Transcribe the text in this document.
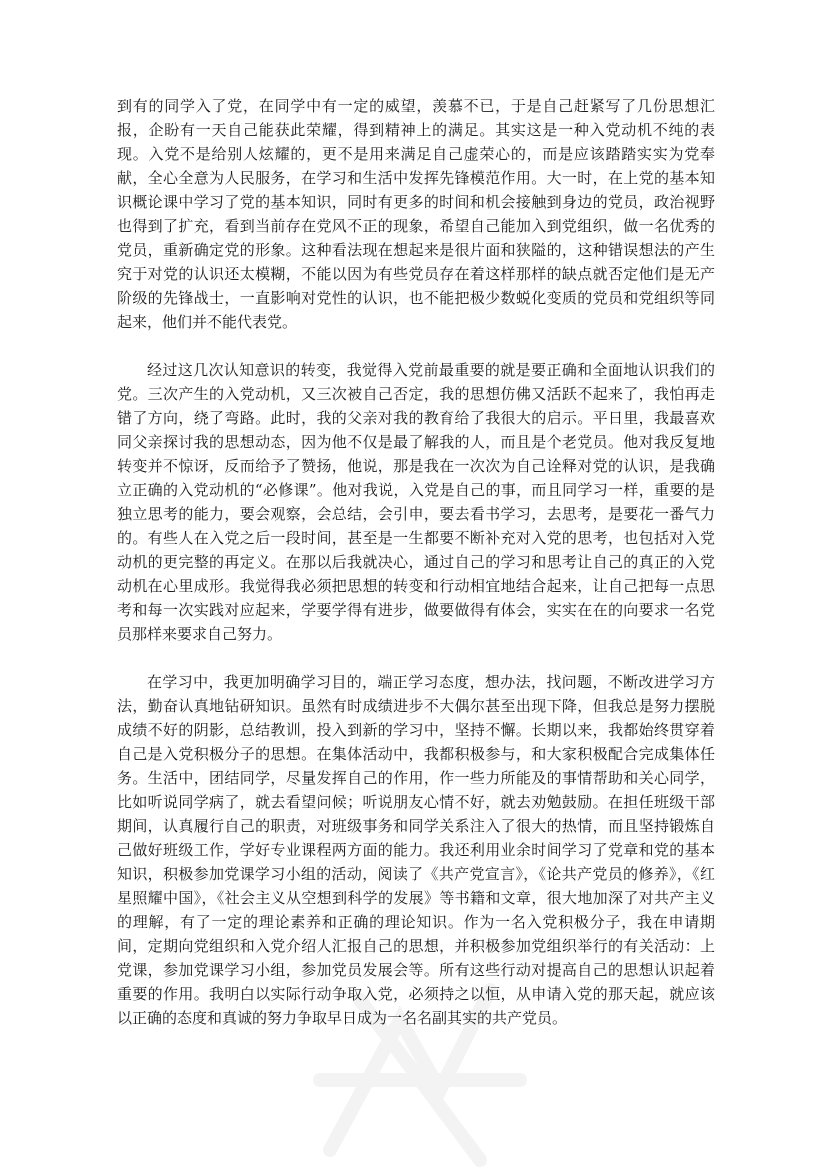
到有的同学入了党，在同学中有一定的威望，羡慕不已，于是自己赶紧写了几份思想汇报，企盼有一天自己能获此荣耀，得到精神上的满足。其实这是一种入党动机不纯的表现。入党不是给别人炫耀的，更不是用来满足自己虚荣心的，而是应该踏踏实实为党奉献，全心全意为人民服务，在学习和生活中发挥先锋模范作用。大一时，在上党的基本知识概论课中学习了党的基本知识，同时有更多的时间和机会接触到身边的党员，政治视野也得到了扩充，看到当前存在党风不正的现象，希望自己能加入到党组织，做一名优秀的党员，重新确定党的形象。这种看法现在想起来是很片面和狭隘的，这种错误想法的产生究于对党的认识还太模糊，不能以因为有些党员存在着这样那样的缺点就否定他们是无产阶级的先锋战士，一直影响对党性的认识，也不能把极少数蜕化变质的党员和党组织等同起来，他们并不能代表党。

经过这几次认知意识的转变，我觉得入党前最重要的就是要正确和全面地认识我们的党。三次产生的入党动机，又三次被自己否定，我的思想仿佛又活跃不起来了，我怕再走错了方向，绕了弯路。此时，我的父亲对我的教育给了我很大的启示。平日里，我最喜欢同父亲探讨我的思想动态，因为他不仅是最了解我的人，而且是个老党员。他对我反复地转变并不惊讶，反而给予了赞扬，他说，那是我在一次次为自己诠释对党的认识，是我确立正确的入党动机的“必修课”。他对我说，入党是自己的事，而且同学习一样，重要的是独立思考的能力，要会观察，会总结，会引申，要去看书学习，去思考，是要花一番气力的。有些人在入党之后一段时间，甚至是一生都要不断补充对入党的思考，也包括对入党动机的更完整的再定义。在那以后我就决心，通过自己的学习和思考让自己的真正的入党动机在心里成形。我觉得我必须把思想的转变和行动相宜地结合起来，让自己把每一点思考和每一次实践对应起来，学要学得有进步，做要做得有体会，实实在在的向要求一名党员那样来要求自己努力。

在学习中，我更加明确学习目的，端正学习态度，想办法，找问题，不断改进学习方法，勤奋认真地钻研知识。虽然有时成绩进步不大偶尔甚至出现下降，但我总是努力摆脱成绩不好的阴影，总结教训，投入到新的学习中，坚持不懈。长期以来，我都始终贯穿着自己是入党积极分子的思想。在集体活动中，我都积极参与，和大家积极配合完成集体任务。生活中，团结同学，尽量发挥自己的作用，作一些力所能及的事情帮助和关心同学，比如听说同学病了，就去看望问候；听说朋友心情不好，就去劝勉鼓励。在担任班级干部期间，认真履行自己的职责，对班级事务和同学关系注入了很大的热情，而且坚持锻炼自己做好班级工作，学好专业课程两方面的能力。我还利用业余时间学习了党章和党的基本知识，积极参加党课学习小组的活动，阅读了《共产党宣言》，《论共产党员的修养》，《红星照耀中国》，《社会主义从空想到科学的发展》等书籍和文章，很大地加深了对共产主义的理解，有了一定的理论素养和正确的理论知识。作为一名入党积极分子，我在申请期间，定期向党组织和入党介绍人汇报自己的思想，并积极参加党组织举行的有关活动：上党课，参加党课学习小组，参加党员发展会等。所有这些行动对提高自己的思想认识起着重要的作用。我明白以实际行动争取入党，必须持之以恒，从申请入党的那天起，就应该以正确的态度和真诚的努力争取早日成为一名名副其实的共产党员。
